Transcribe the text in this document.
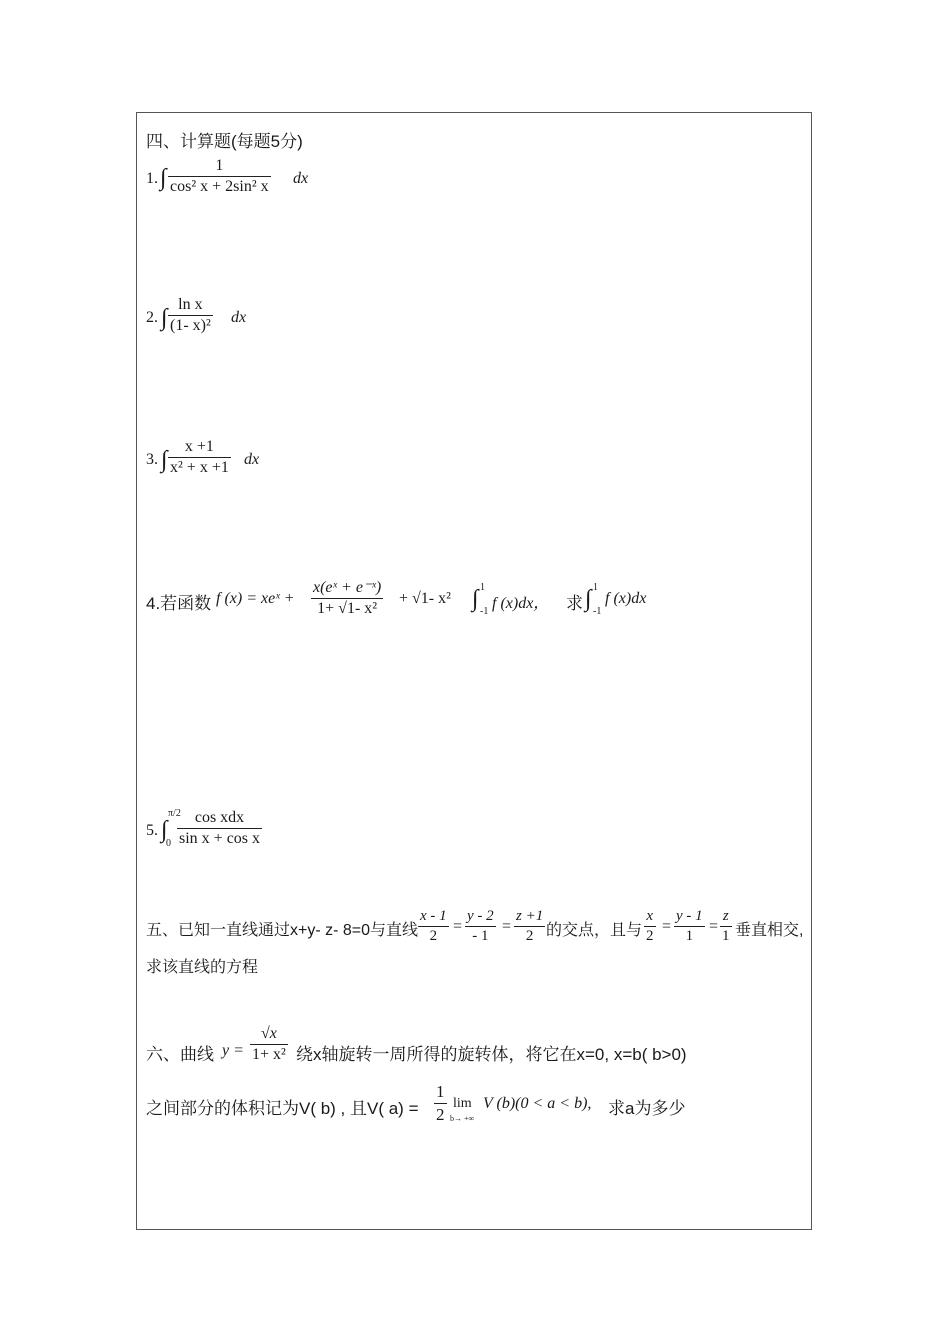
四、计算题(每题5分)
1. ∫ $\frac{1}{\text{cos² x + 2sin² x}}$ dx
2. ∫ $\frac{\text{ln x}}{\text{(1- x)²}}$ dx
3. ∫ $\frac{x +1}{\text{x² + x +1}}$ dx
4.若函数 f (x) = xeˣ + $\frac{\text{x(eˣ + e⁻ˣ)}}{\text{1+ √1- x²}} + √1-$ x² ∫ 1
-1 f (x)dx， 求 ∫ 1
-1
f (x)dx
5. ∫
π/2
0
cos xdx
sin x + cos x
五、已知一直线通过x+y- z- 8=0与直线 $\frac{x - 1}{2} = \frac{y - 2}{- 1} = \frac{z +1}{2}$ 的交点，且与 $\frac{x}{2} = \frac{y - 1}{1} = \frac{z}{1}$ 垂直相交,
求该直线的方程
六、曲线 $y = \frac{√x}{\text{1+ x²}}$ 绕x轴旋转一周所得的旋转体，将它在x=0, x=b( b>0)
之间部分的体积记为V( b) , 且V( $a) = \frac{1}{2}$ lim
b→ +∞
V (b)(0 < a < b), 求a为多少
